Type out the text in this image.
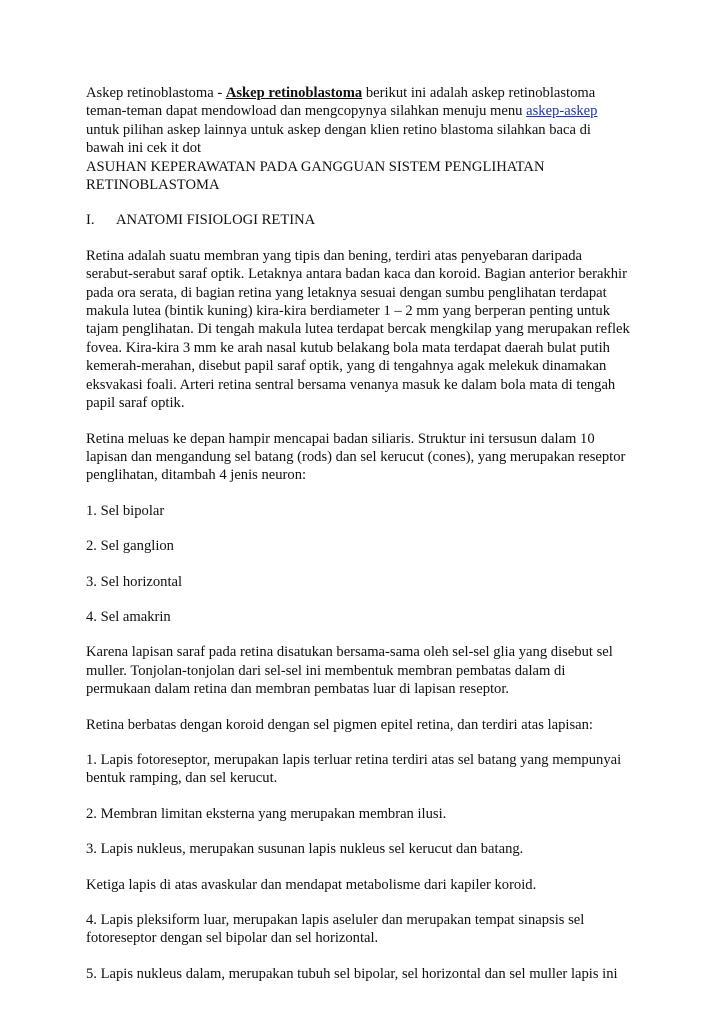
Askep retinoblastoma - Askep retinoblastoma berikut ini adalah askep retinoblastoma teman-teman dapat mendowload dan mengcopynya silahkan menuju menu askep-askep untuk pilihan askep lainnya untuk askep dengan klien retino blastoma silahkan baca di bawah ini cek it dot

ASUHAN KEPERAWATAN PADA GANGGUAN SISTEM PENGLIHATAN

RETINOBLASTOMA

I.	ANATOMI FISIOLOGI RETINA

Retina adalah suatu membran yang tipis dan bening, terdiri atas penyebaran daripada serabut-serabut saraf optik. Letaknya antara badan kaca dan koroid. Bagian anterior berakhir pada ora serata, di bagian retina yang letaknya sesuai dengan sumbu penglihatan terdapat makula lutea (bintik kuning) kira-kira berdiameter 1 – 2 mm yang berperan penting untuk tajam penglihatan. Di tengah makula lutea terdapat bercak mengkilap yang merupakan reflek fovea. Kira-kira 3 mm ke arah nasal kutub belakang bola mata terdapat daerah bulat putih kemerah-merahan, disebut papil saraf optik, yang di tengahnya agak melekuk dinamakan eksvakasi foali. Arteri retina sentral bersama venanya masuk ke dalam bola mata di tengah papil saraf optik.

Retina meluas ke depan hampir mencapai badan siliaris. Struktur ini tersusun dalam 10 lapisan dan mengandung sel batang (rods) dan sel kerucut (cones), yang merupakan reseptor penglihatan, ditambah 4 jenis neuron:

1. Sel bipolar

2. Sel ganglion

3. Sel horizontal

4. Sel amakrin

Karena lapisan saraf pada retina disatukan bersama-sama oleh sel-sel glia yang disebut sel muller. Tonjolan-tonjolan dari sel-sel ini membentuk membran pembatas dalam di permukaan dalam retina dan membran pembatas luar di lapisan reseptor.

Retina berbatas dengan koroid dengan sel pigmen epitel retina, dan terdiri atas lapisan:

1. Lapis fotoreseptor, merupakan lapis terluar retina terdiri atas sel batang yang mempunyai bentuk ramping, dan sel kerucut.

2. Membran limitan eksterna yang merupakan membran ilusi.

3. Lapis nukleus, merupakan susunan lapis nukleus sel kerucut dan batang.

Ketiga lapis di atas avaskular dan mendapat metabolisme dari kapiler koroid.

4. Lapis pleksiform luar, merupakan lapis aseluler dan merupakan tempat sinapsis sel fotoreseptor dengan sel bipolar dan sel horizontal.

5. Lapis nukleus dalam, merupakan tubuh sel bipolar, sel horizontal dan sel muller lapis ini
